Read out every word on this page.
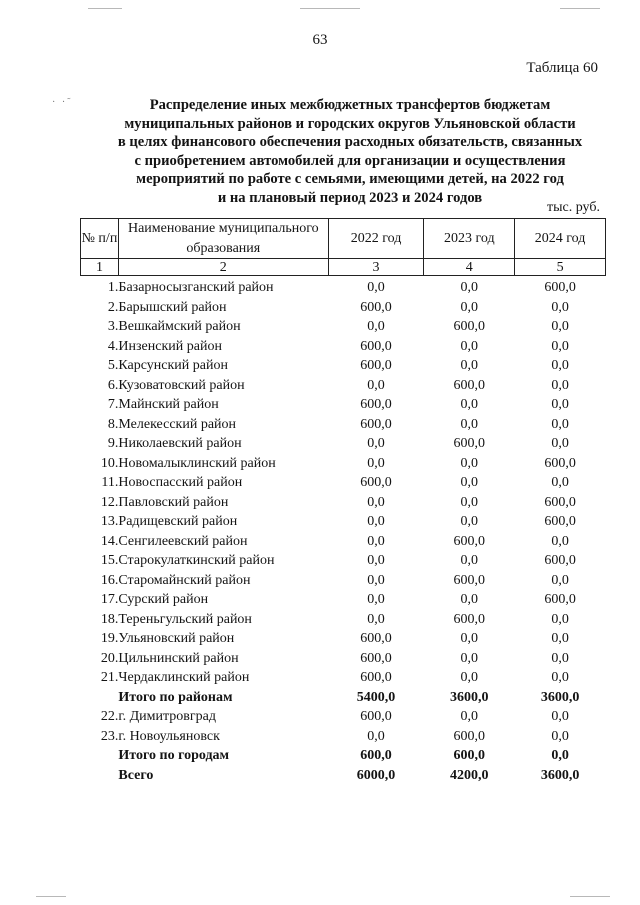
· ·˜
63
Таблица 60
Распределение иных межбюджетных трансфертов бюджетам
муниципальных районов и городских округов Ульяновской области
в целях финансового обеспечения расходных обязательств, связанных
с приобретением автомобилей для организации и осуществления
мероприятий по работе с семьями, имеющими детей, на 2022 год
и на плановый период 2023 и 2024 годов
тыс. руб.
№ п/п	Наименование муниципального образования	2022 год	2023 год	2024 год
1	2	3	4	5
1.	Базарносызганский район	0,0	0,0	600,0
2.	Барышский район	600,0	0,0	0,0
3.	Вешкаймский район	0,0	600,0	0,0
4.	Инзенский район	600,0	0,0	0,0
5.	Карсунский район	600,0	0,0	0,0
6.	Кузоватовский район	0,0	600,0	0,0
7.	Майнский район	600,0	0,0	0,0
8.	Мелекесский район	600,0	0,0	0,0
9.	Николаевский район	0,0	600,0	0,0
10.	Новомалыклинский район	0,0	0,0	600,0
11.	Новоспасский район	600,0	0,0	0,0
12.	Павловский район	0,0	0,0	600,0
13.	Радищевский район	0,0	0,0	600,0
14.	Сенгилеевский район	0,0	600,0	0,0
15.	Старокулаткинский район	0,0	0,0	600,0
16.	Старомайнский район	0,0	600,0	0,0
17.	Сурский район	0,0	0,0	600,0
18.	Тереньгульский район	0,0	600,0	0,0
19.	Ульяновский район	600,0	0,0	0,0
20.	Цильнинский район	600,0	0,0	0,0
21.	Чердаклинский район	600,0	0,0	0,0
	Итого по районам	5400,0	3600,0	3600,0
22.	г. Димитровград	600,0	0,0	0,0
23.	г. Новоульяновск	0,0	600,0	0,0
	Итого по городам	600,0	600,0	0,0
	Всего	6000,0	4200,0	3600,0
